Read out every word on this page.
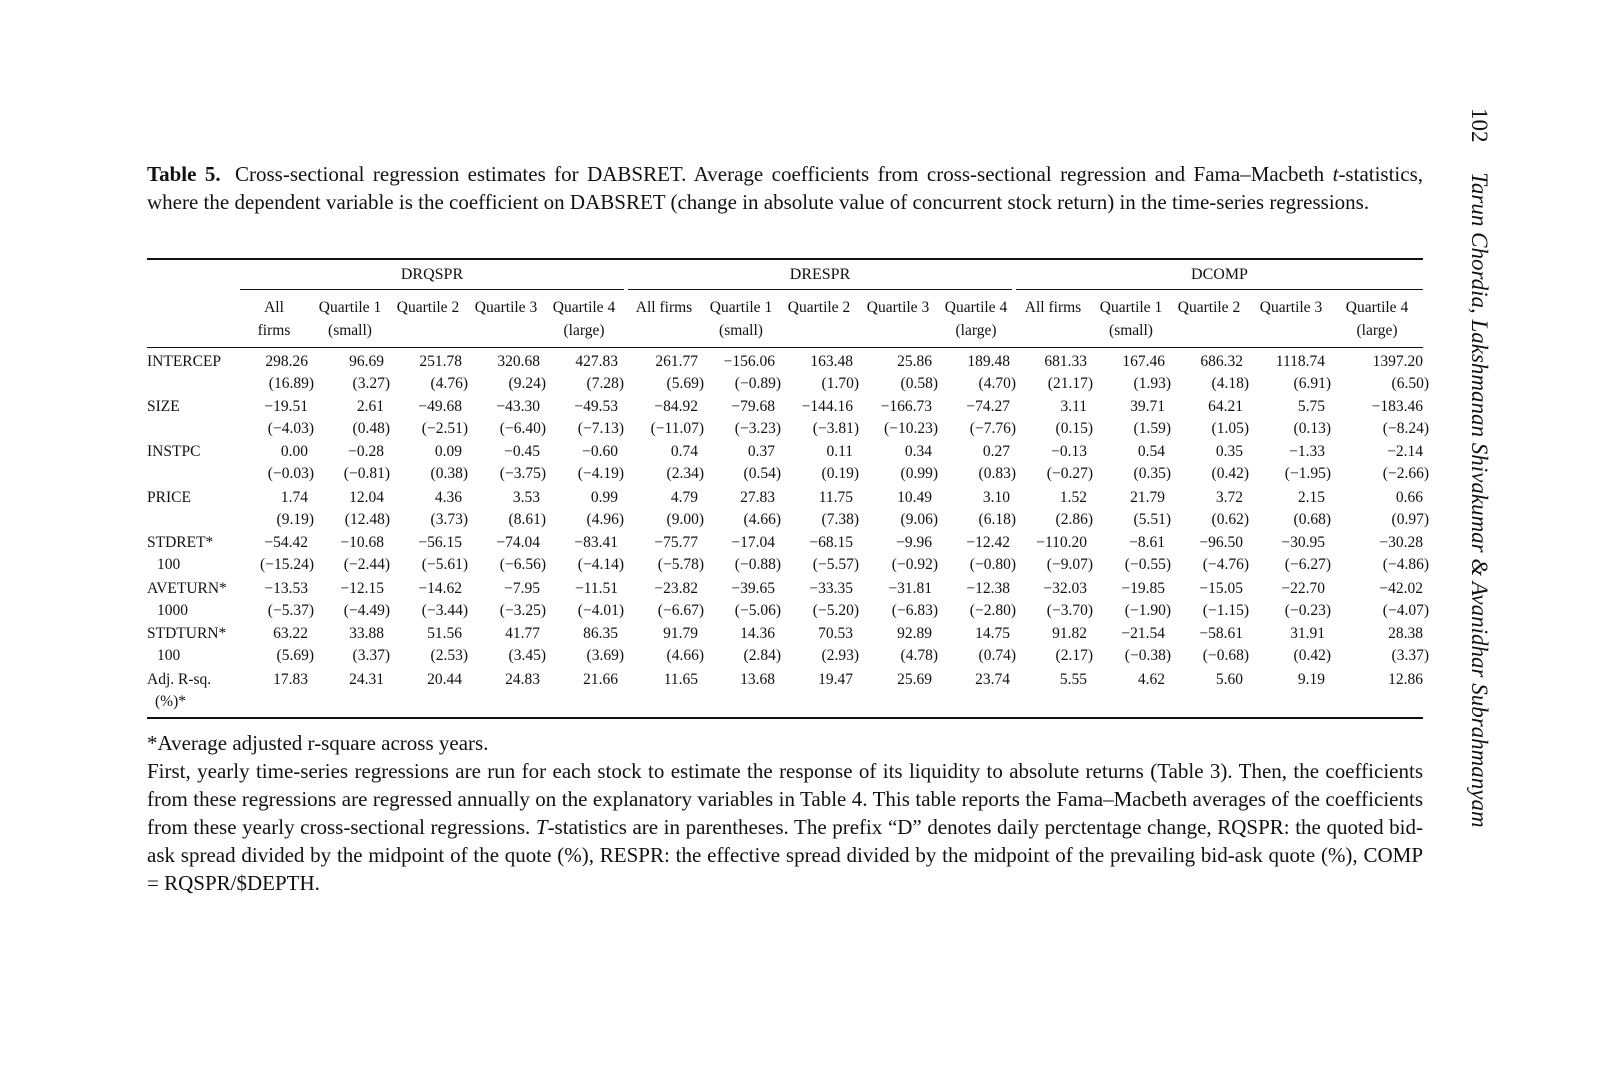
102 Tarun Chordia, Lakshmanan Shivakumar & Avanidhar Subrahmanyam
Table 5. Cross-sectional regression estimates for DABSRET. Average coefficients from cross-sectional regression and Fama–Macbeth t-statistics, where the dependent variable is the coefficient on DABSRET (change in absolute value of concurrent stock return) in the time-series regressions.
DRQSPR	DRESPR	DCOMP
All
firms
Quartile 1
(small)
Quartile 2	Quartile 3	Quartile 4
(large)
All firms	Quartile 1
(small)
Quartile 2	Quartile 3	Quartile 4
(large)
All firms	Quartile 1
(small)
Quartile 2	Quartile 3	Quartile 4
(large)
INTERCEP	298.26	96.69	251.78	320.68	427.83	261.77	−156.06	163.48	25.86	189.48	681.33	167.46	686.32	1118.74	1397.20
(16.89)	(3.27)	(4.76)	(9.24)	(7.28)	(5.69)	(−0.89)	(1.70)	(0.58)	(4.70)	(21.17)	(1.93)	(4.18)	(6.91)	(6.50)
SIZE	−19.51	2.61	−49.68	−43.30	−49.53	−84.92	−79.68	−144.16	−166.73	−74.27	3.11	39.71	64.21	5.75	−183.46
(−4.03)	(0.48)	(−2.51)	(−6.40)	(−7.13)	(−11.07)	(−3.23)	(−3.81)	(−10.23)	(−7.76)	(0.15)	(1.59)	(1.05)	(0.13)	(−8.24)
INSTPC	0.00	−0.28	0.09	−0.45	−0.60	0.74	0.37	0.11	0.34	0.27	−0.13	0.54	0.35	−1.33	−2.14
(−0.03)	(−0.81)	(0.38)	(−3.75)	(−4.19)	(2.34)	(0.54)	(0.19)	(0.99)	(0.83)	(−0.27)	(0.35)	(0.42)	(−1.95)	(−2.66)
PRICE	1.74	12.04	4.36	3.53	0.99	4.79	27.83	11.75	10.49	3.10	1.52	21.79	3.72	2.15	0.66
(9.19)	(12.48)	(3.73)	(8.61)	(4.96)	(9.00)	(4.66)	(7.38)	(9.06)	(6.18)	(2.86)	(5.51)	(0.62)	(0.68)	(0.97)
STDRET*
100
−54.42	−10.68	−56.15	−74.04	−83.41	−75.77	−17.04	−68.15	−9.96	−12.42	−110.20	−8.61	−96.50	−30.95	−30.28
(−15.24)	(−2.44)	(−5.61)	(−6.56)	(−4.14)	(−5.78)	(−0.88)	(−5.57)	(−0.92)	(−0.80)	(−9.07)	(−0.55)	(−4.76)	(−6.27)	(−4.86)
AVETURN*
1000
−13.53	−12.15	−14.62	−7.95	−11.51	−23.82	−39.65	−33.35	−31.81	−12.38	−32.03	−19.85	−15.05	−22.70	−42.02
(−5.37)	(−4.49)	(−3.44)	(−3.25)	(−4.01)	(−6.67)	(−5.06)	(−5.20)	(−6.83)	(−2.80)	(−3.70)	(−1.90)	(−1.15)	(−0.23)	(−4.07)
STDTURN*
100
63.22	33.88	51.56	41.77	86.35	91.79	14.36	70.53	92.89	14.75	91.82	−21.54	−58.61	31.91	28.38
(5.69)	(3.37)	(2.53)	(3.45)	(3.69)	(4.66)	(2.84)	(2.93)	(4.78)	(0.74)	(2.17)	(−0.38)	(−0.68)	(0.42)	(3.37)
Adj. R-sq.
(%)*
17.83	24.31	20.44	24.83	21.66	11.65	13.68	19.47	25.69	23.74	5.55	4.62	5.60	9.19	12.86

*Average adjusted r-square across years.

First, yearly time-series regressions are run for each stock to estimate the response of its liquidity to absolute returns (Table 3). Then, the coefficients from these regressions are regressed annually on the explanatory variables in Table 4. This table reports the Fama–Macbeth averages of the coefficients from these yearly cross-sectional regressions. T-statistics are in parentheses. The prefix “D” denotes daily perctentage change, RQSPR: the quoted bid-ask spread divided by the midpoint of the quote (%), RESPR: the effective spread divided by the midpoint of the prevailing bid-ask quote (%), COMP = RQSPR/$DEPTH.
